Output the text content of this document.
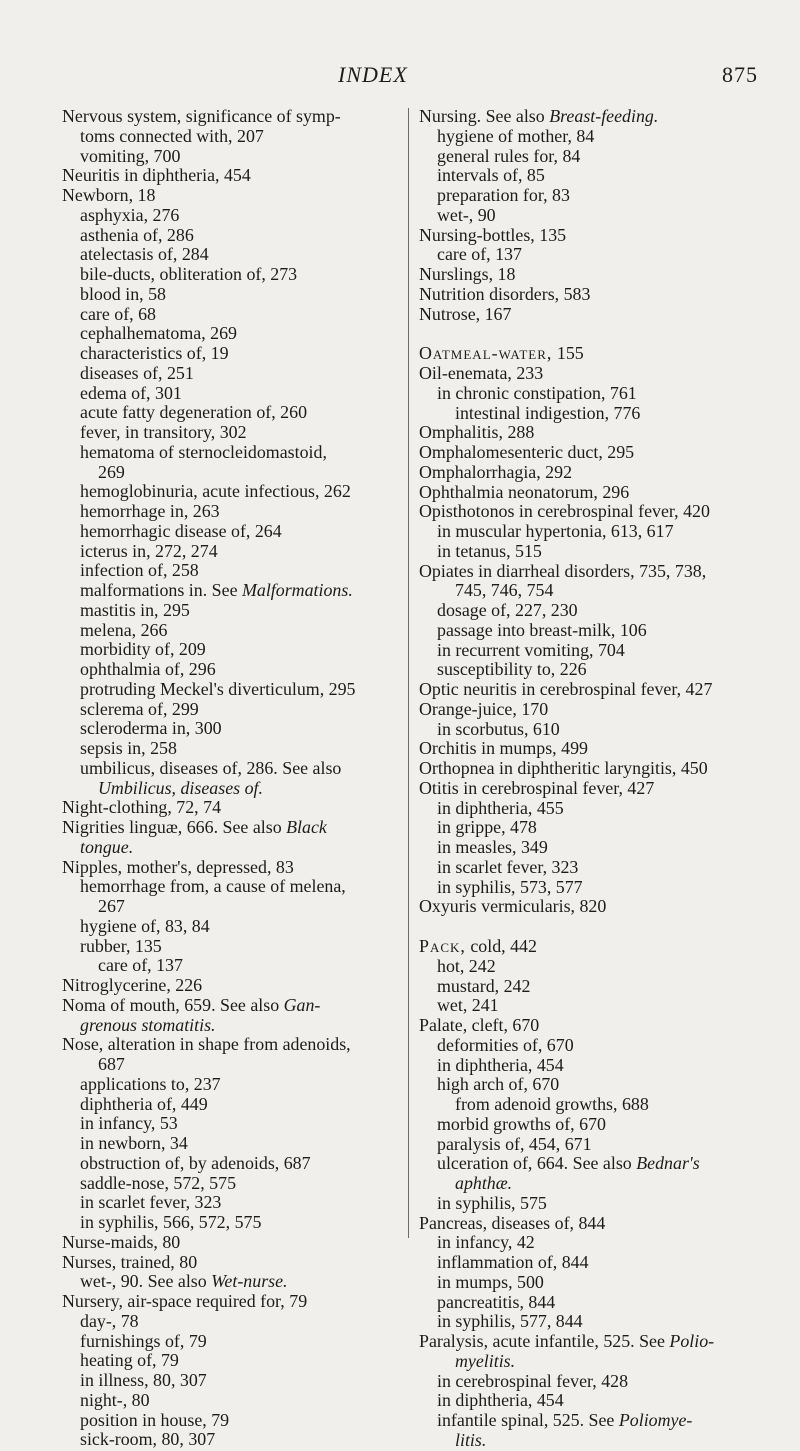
INDEX	875
Nervous system, significance of symp-
toms connected with, 207
vomiting, 700
Neuritis in diphtheria, 454
Newborn, 18
asphyxia, 276
asthenia of, 286
atelectasis of, 284
bile-ducts, obliteration of, 273
blood in, 58
care of, 68
cephalhematoma, 269
characteristics of, 19
diseases of, 251
edema of, 301
acute fatty degeneration of, 260
fever, in transitory, 302
hematoma of sternocleidomastoid,
269
hemoglobinuria, acute infectious, 262
hemorrhage in, 263
hemorrhagic disease of, 264
icterus in, 272, 274
infection of, 258
malformations in. See Malformations.
mastitis in, 295
melena, 266
morbidity of, 209
ophthalmia of, 296
protruding Meckel's diverticulum, 295
sclerema of, 299
scleroderma in, 300
sepsis in, 258
umbilicus, diseases of, 286. See also
Umbilicus, diseases of.
Night-clothing, 72, 74
Nigrities linguæ, 666. See also Black
tongue.
Nipples, mother's, depressed, 83
hemorrhage from, a cause of melena,
267
hygiene of, 83, 84
rubber, 135
care of, 137
Nitroglycerine, 226
Noma of mouth, 659. See also Gan-
grenous stomatitis.
Nose, alteration in shape from adenoids,
687
applications to, 237
diphtheria of, 449
in infancy, 53
in newborn, 34
obstruction of, by adenoids, 687
saddle-nose, 572, 575
in scarlet fever, 323
in syphilis, 566, 572, 575
Nurse-maids, 80
Nurses, trained, 80
wet-, 90. See also Wet-nurse.
Nursery, air-space required for, 79
day-, 78
furnishings of, 79
heating of, 79
in illness, 80, 307
night-, 80
position in house, 79
sick-room, 80, 307
Nursing. See also Breast-feeding.
hygiene of mother, 84
general rules for, 84
intervals of, 85
preparation for, 83
wet-, 90
Nursing-bottles, 135
care of, 137
Nurslings, 18
Nutrition disorders, 583
Nutrose, 167
Oatmeal-water, 155
Oil-enemata, 233
in chronic constipation, 761
intestinal indigestion, 776
Omphalitis, 288
Omphalomesenteric duct, 295
Omphalorrhagia, 292
Ophthalmia neonatorum, 296
Opisthotonos in cerebrospinal fever, 420
in muscular hypertonia, 613, 617
in tetanus, 515
Opiates in diarrheal disorders, 735, 738,
745, 746, 754
dosage of, 227, 230
passage into breast-milk, 106
in recurrent vomiting, 704
susceptibility to, 226
Optic neuritis in cerebrospinal fever, 427
Orange-juice, 170
in scorbutus, 610
Orchitis in mumps, 499
Orthopnea in diphtheritic laryngitis, 450
Otitis in cerebrospinal fever, 427
in diphtheria, 455
in grippe, 478
in measles, 349
in scarlet fever, 323
in syphilis, 573, 577
Oxyuris vermicularis, 820
Pack, cold, 442
hot, 242
mustard, 242
wet, 241
Palate, cleft, 670
deformities of, 670
in diphtheria, 454
high arch of, 670
from adenoid growths, 688
morbid growths of, 670
paralysis of, 454, 671
ulceration of, 664. See also Bednar's
aphthæ.
in syphilis, 575
Pancreas, diseases of, 844
in infancy, 42
inflammation of, 844
in mumps, 500
pancreatitis, 844
in syphilis, 577, 844
Paralysis, acute infantile, 525. See Polio-
myelitis.
in cerebrospinal fever, 428
in diphtheria, 454
infantile spinal, 525. See Poliomye-
litis.
